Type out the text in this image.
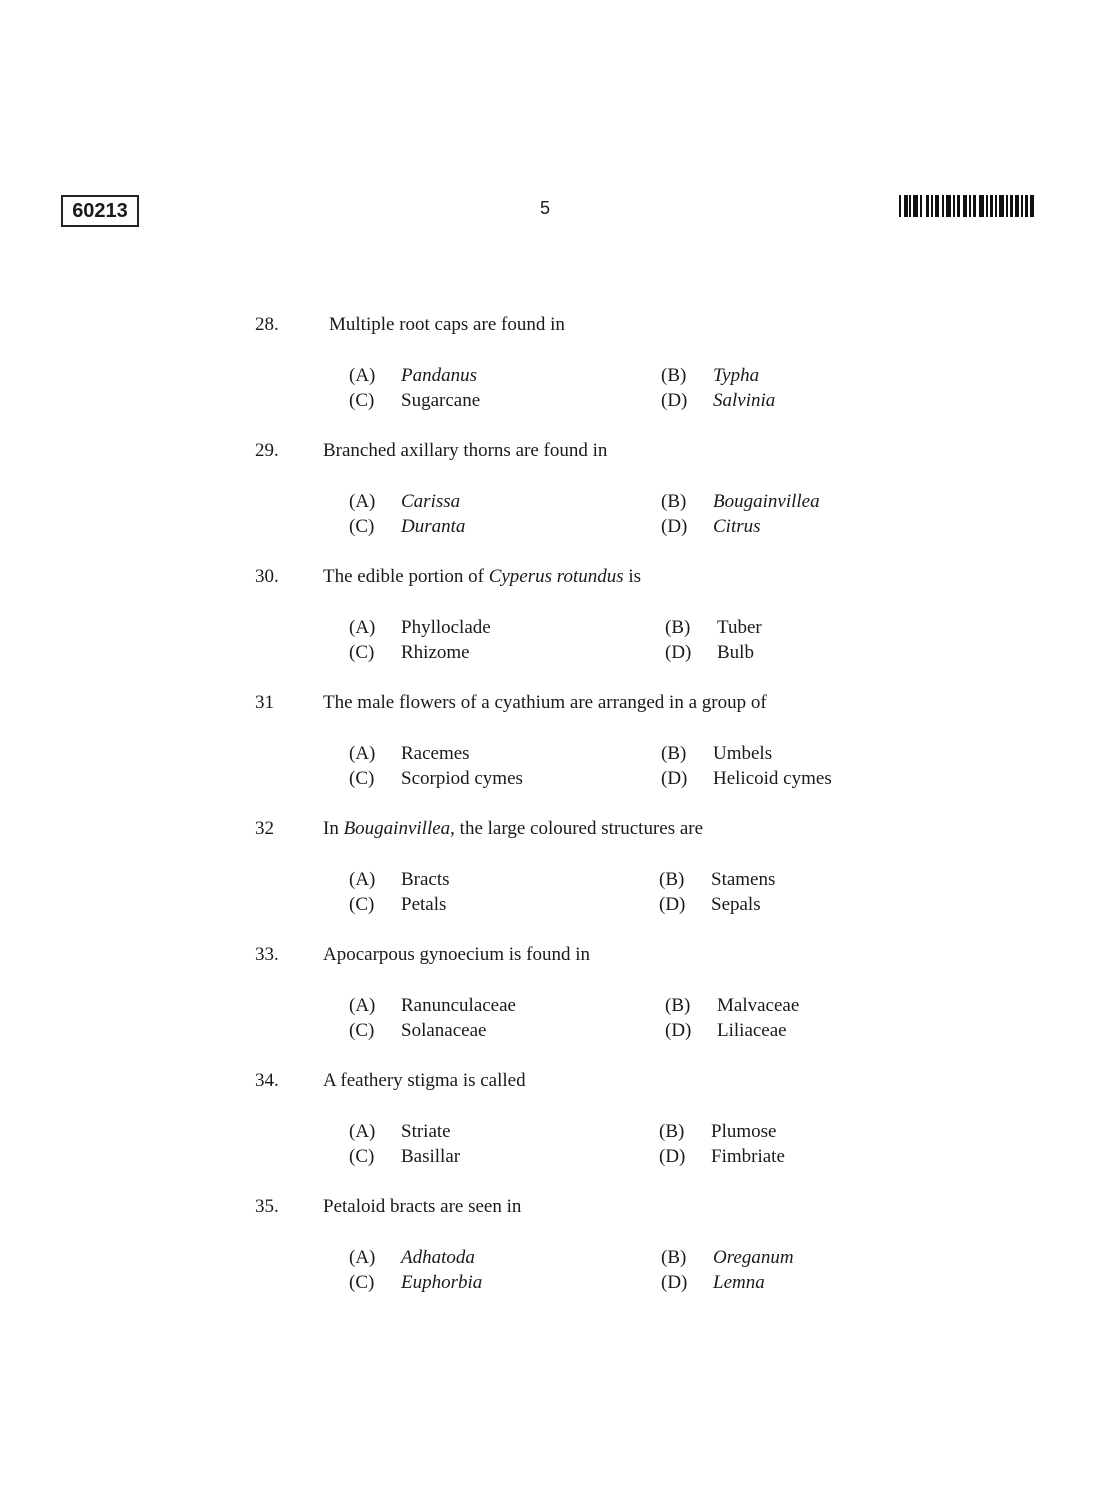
60213	5
28.	Multiple root caps are found in
(A) Pandanus	(B) Typha
(C) Sugarcane	(D) Salvinia
29. Branched axillary thorns are found in
(A) Carissa	(B) Bougainvillea
(C) Duranta	(D) Citrus
30. The edible portion of Cyperus rotundus is
(A) Phylloclade	(B) Tuber
(C) Rhizome	(D) Bulb
31	The male flowers of a cyathium are arranged in a group of
(A) Racemes	(B) Umbels
(C) Scorpiod cymes	(D) Helicoid cymes
32	In Bougainvillea, the large coloured structures are
(A) Bracts	(B) Stamens
(C) Petals	(D) Sepals
33. Apocarpous gynoecium is found in
(A) Ranunculaceae	(B) Malvaceae
(C) Solanaceae	(D) Liliaceae
34. A feathery stigma is called
(A) Striate	(B) Plumose
(C) Basillar	(D) Fimbriate
35. Petaloid bracts are seen in
(A) Adhatoda	(B) Oreganum
(C) Euphorbia	(D) Lemna
